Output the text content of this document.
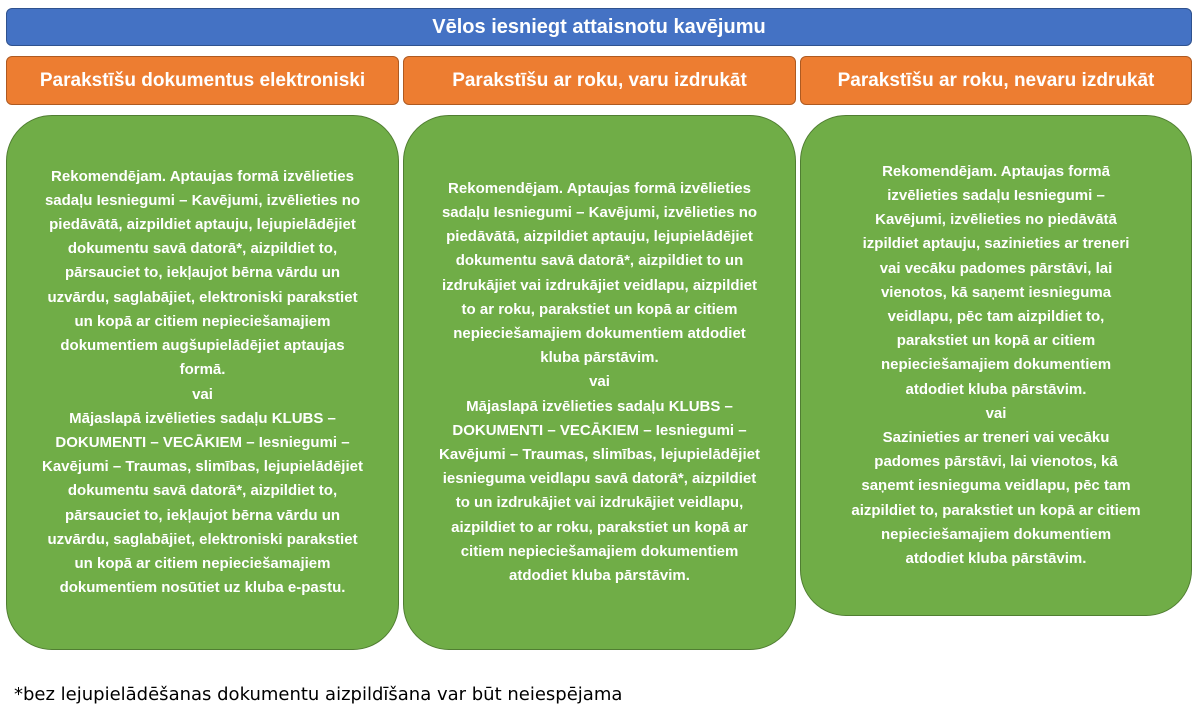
Vēlos iesniegt attaisnotu kavējumu
Parakstīšu dokumentus elektroniski

Rekomendējam. Aptaujas formā izvēlieties sadaļu Iesniegumi – Kavējumi, izvēlieties no piedāvātā, aizpildiet aptauju, lejupielādējiet dokumentu savā datorā*, aizpildiet to, pārsauciet to, iekļaujot bērna vārdu un uzvārdu, saglabājiet, elektroniski parakstiet un kopā ar citiem nepieciešamajiem dokumentiem augšupielādējiet aptaujas formā.

vai

Mājaslapā izvēlieties sadaļu KLUBS – DOKUMENTI – VECĀKIEM – Iesniegumi – Kavējumi – Traumas, slimības, lejupielādējiet dokumentu savā datorā*, aizpildiet to, pārsauciet to, iekļaujot bērna vārdu un uzvārdu, saglabājiet, elektroniski parakstiet un kopā ar citiem nepieciešamajiem dokumentiem nosūtiet uz kluba e-pastu.

Parakstīšu ar roku, varu izdrukāt

Rekomendējam. Aptaujas formā izvēlieties sadaļu Iesniegumi – Kavējumi, izvēlieties no piedāvātā, aizpildiet aptauju, lejupielādējiet dokumentu savā datorā*, aizpildiet to un izdrukājiet vai izdrukājiet veidlapu, aizpildiet to ar roku, parakstiet un kopā ar citiem nepieciešamajiem dokumentiem atdodiet kluba pārstāvim.

vai

Mājaslapā izvēlieties sadaļu KLUBS – DOKUMENTI – VECĀKIEM – Iesniegumi – Kavējumi – Traumas, slimības, lejupielādējiet iesnieguma veidlapu savā datorā*, aizpildiet to un izdrukājiet vai izdrukājiet veidlapu, aizpildiet to ar roku, parakstiet un kopā ar citiem nepieciešamajiem dokumentiem atdodiet kluba pārstāvim.

Parakstīšu ar roku, nevaru izdrukāt

Rekomendējam. Aptaujas formā izvēlieties sadaļu Iesniegumi – Kavējumi, izvēlieties no piedāvātā izpildiet aptauju, sazinieties ar treneri vai vecāku padomes pārstāvi, lai vienotos, kā saņemt iesnieguma veidlapu, pēc tam aizpildiet to, parakstiet un kopā ar citiem nepieciešamajiem dokumentiem atdodiet kluba pārstāvim.

vai

Sazinieties ar treneri vai vecāku padomes pārstāvi, lai vienotos, kā saņemt iesnieguma veidlapu, pēc tam aizpildiet to, parakstiet un kopā ar citiem nepieciešamajiem dokumentiem atdodiet kluba pārstāvim.

*bez lejupielādēšanas dokumentu aizpildīšana var būt neiespējama
